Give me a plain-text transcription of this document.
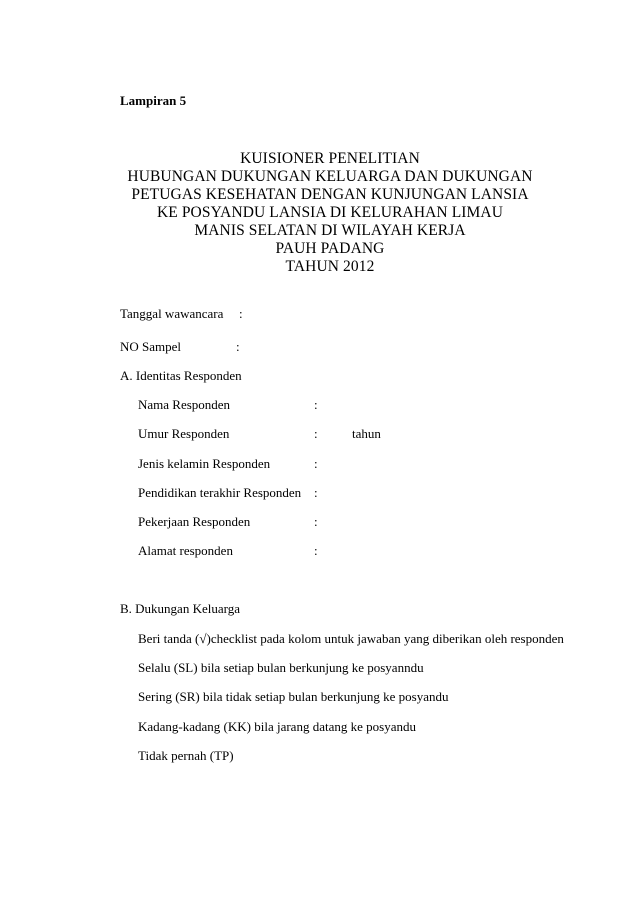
Lampiran 5
KUISIONER PENELITIAN
HUBUNGAN DUKUNGAN KELUARGA DAN DUKUNGAN
PETUGAS KESEHATAN DENGAN KUNJUNGAN LANSIA
KE POSYANDU LANSIA DI KELURAHAN LIMAU
MANIS SELATAN DI WILAYAH KERJA
PAUH PADANG
TAHUN 2012
Tanggal wawancara :
NO Sampel	:
A. Identitas Responden
Nama Responden	:
Umur Responden	:	tahun
Jenis kelamin Responden	:
Pendidikan terakhir Responden :
Pekerjaan Responden	:
Alamat responden	:
B. Dukungan Keluarga
Beri tanda (√)checklist pada kolom untuk jawaban yang diberikan oleh responden
Selalu (SL) bila setiap bulan berkunjung ke posyanndu
Sering (SR) bila tidak setiap bulan berkunjung ke posyandu
Kadang-kadang (KK) bila jarang datang ke posyandu
Tidak pernah (TP)
